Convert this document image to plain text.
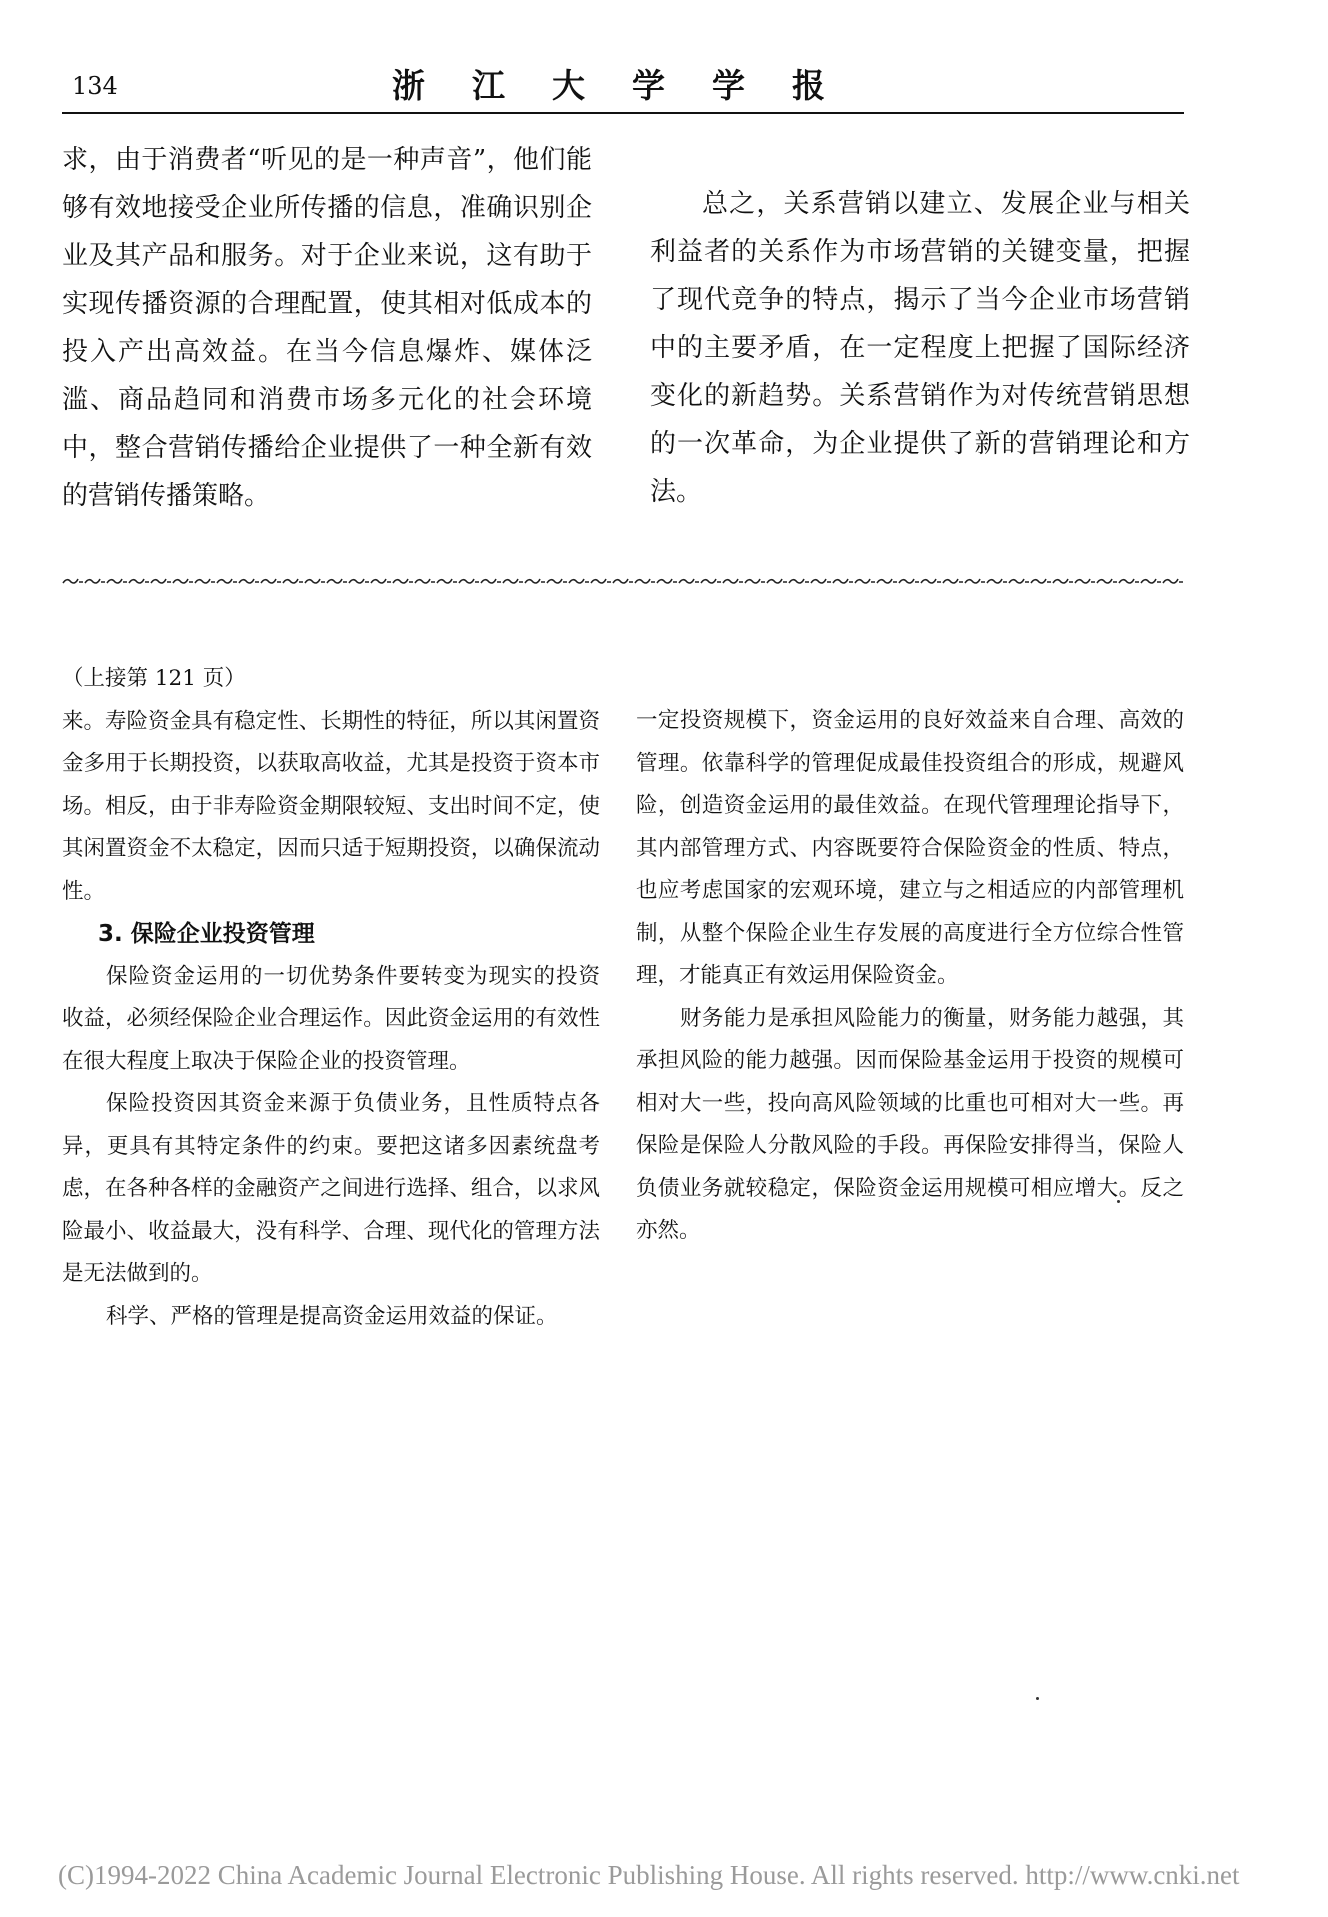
134	浙江大学学报

求，由于消费者“听见的是一种声音”，他们能够有效地接受企业所传播的信息，准确识别企业及其产品和服务。对于企业来说，这有助于实现传播资源的合理配置，使其相对低成本的投入产出高效益。在当今信息爆炸、媒体泛滥、商品趋同和消费市场多元化的社会环境中，整合营销传播给企业提供了一种全新有效的营销传播策略。

总之，关系营销以建立、发展企业与相关利益者的关系作为市场营销的关键变量，把握了现代竞争的特点，揭示了当今企业市场营销中的主要矛盾，在一定程度上把握了国际经济变化的新趋势。关系营销作为对传统营销思想的一次革命，为企业提供了新的营销理论和方法。

（上接第 121 页）

来。寿险资金具有稳定性、长期性的特征，所以其闲置资金多用于长期投资，以获取高收益，尤其是投资于资本市场。相反，由于非寿险资金期限较短、支出时间不定，使其闲置资金不太稳定，因而只适于短期投资，以确保流动性。

3. 保险企业投资管理

保险资金运用的一切优势条件要转变为现实的投资收益，必须经保险企业合理运作。因此资金运用的有效性在很大程度上取决于保险企业的投资管理。

保险投资因其资金来源于负债业务，且性质特点各异，更具有其特定条件的约束。要把这诸多因素统盘考虑，在各种各样的金融资产之间进行选择、组合，以求风险最小、收益最大，没有科学、合理、现代化的管理方法是无法做到的。

科学、严格的管理是提高资金运用效益的保证。

一定投资规模下，资金运用的良好效益来自合理、高效的管理。依靠科学的管理促成最佳投资组合的形成，规避风险，创造资金运用的最佳效益。在现代管理理论指导下，其内部管理方式、内容既要符合保险资金的性质、特点，也应考虑国家的宏观环境，建立与之相适应的内部管理机制，从整个保险企业生存发展的高度进行全方位综合性管理，才能真正有效运用保险资金。

财务能力是承担风险能力的衡量，财务能力越强，其承担风险的能力越强。因而保险基金运用于投资的规模可相对大一些，投向高风险领域的比重也可相对大一些。再保险是保险人分散风险的手段。再保险安排得当，保险人负债业务就较稳定，保险资金运用规模可相应增大。反之亦然。

(C)1994-2022 China Academic Journal Electronic Publishing House. All rights reserved. http://www.cnki.net
